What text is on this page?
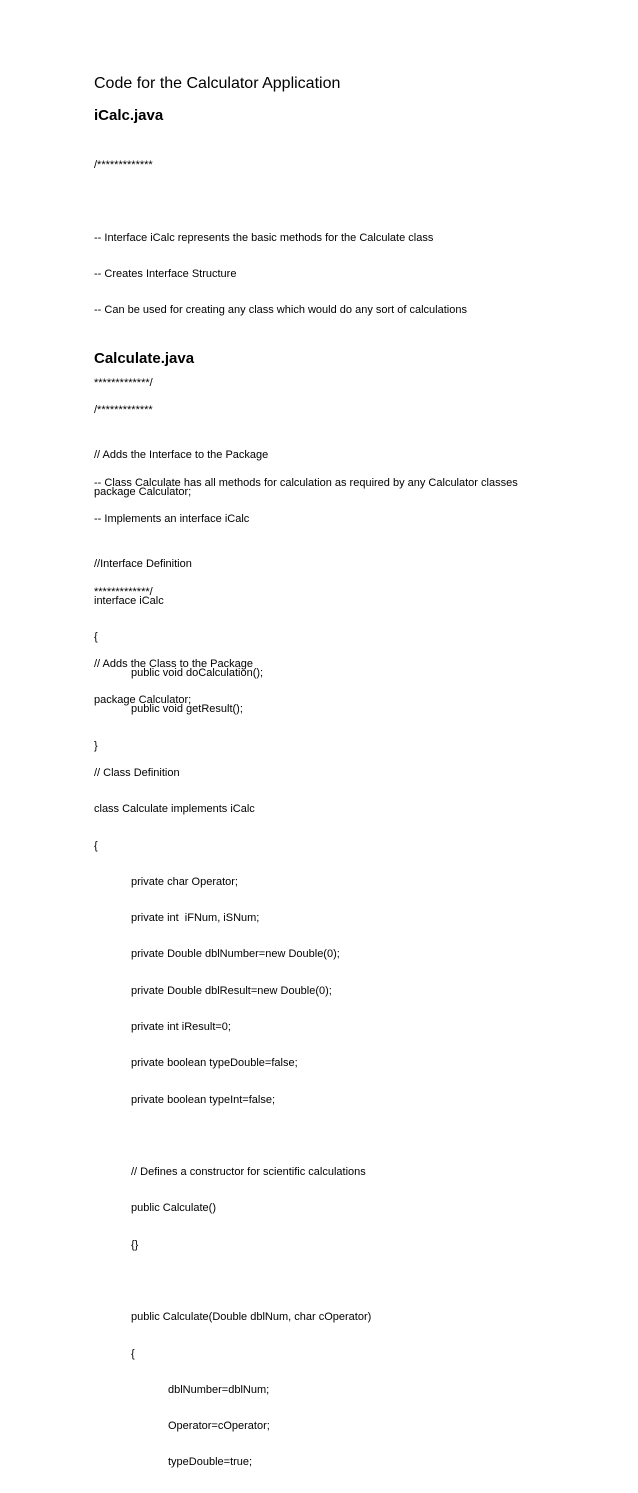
Code for the Calculator Application
iCalc.java

/*************

-- Interface iCalc represents the basic methods for the Calculate class

-- Creates Interface Structure

-- Can be used for creating any class which would do any sort of calculations

*************/

// Adds the Interface to the Package

package Calculator;

//Interface Definition

interface iCalc

{

public void doCalculation();

public void getResult();

}

Calculate.java

/*************

-- Class Calculate has all methods for calculation as required by any Calculator classes

-- Implements an interface iCalc

*************/

// Adds the Class to the Package

package Calculator;

// Class Definition

class Calculate implements iCalc

{

private char Operator;

private int  iFNum, iSNum;

private Double dblNumber=new Double(0);

private Double dblResult=new Double(0);

private int iResult=0;

private boolean typeDouble=false;

private boolean typeInt=false;

// Defines a constructor for scientific calculations

public Calculate()

{}

public Calculate(Double dblNum, char cOperator)

{

dblNumber=dblNum;

Operator=cOperator;

typeDouble=true;
